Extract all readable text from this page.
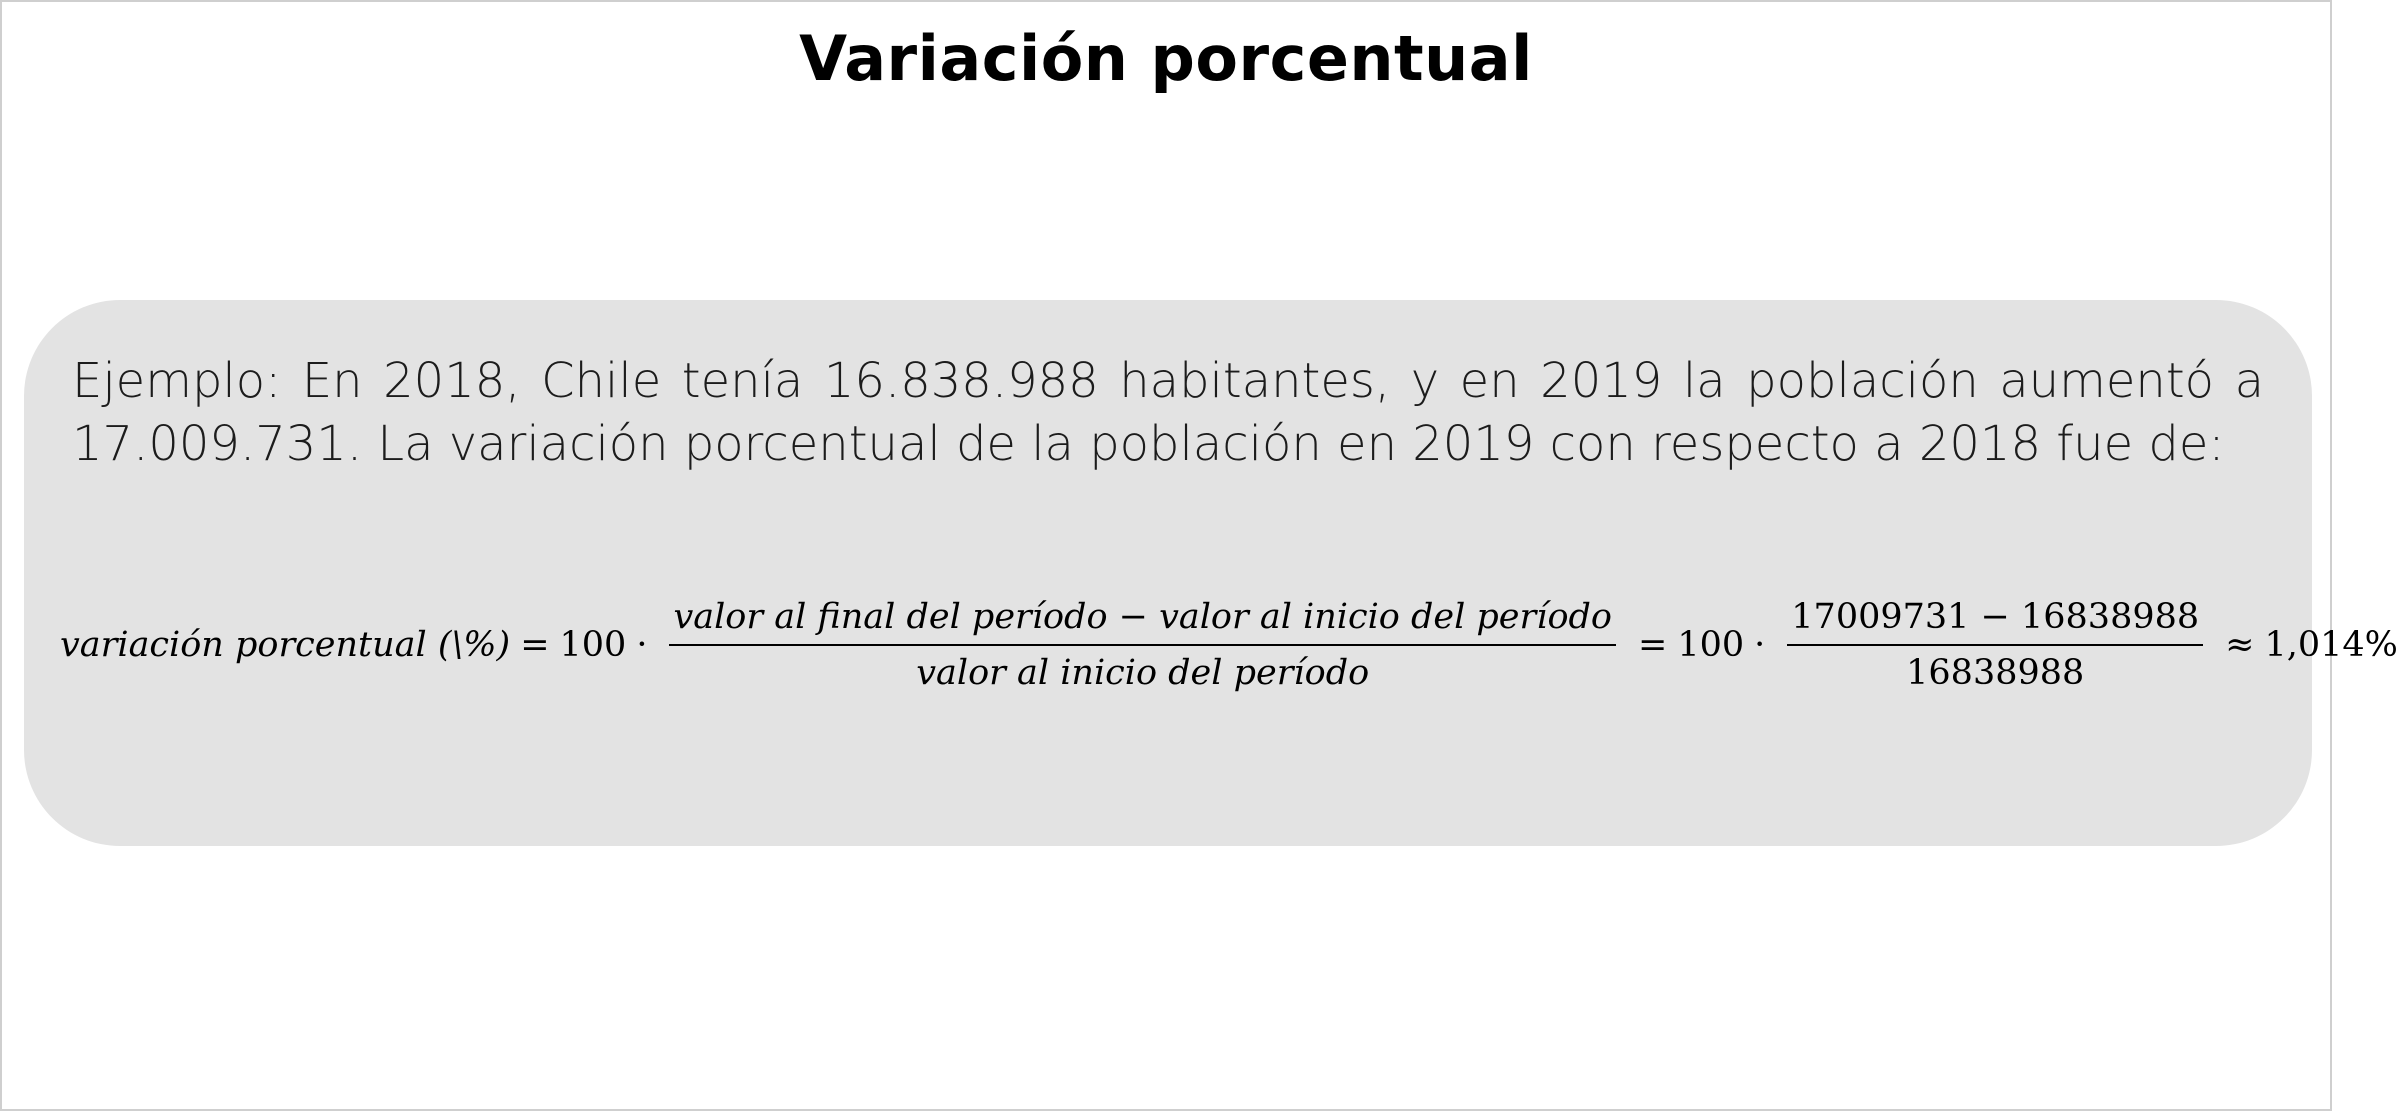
Variación porcentual
Ejemplo: En 2018, Chile tenía 16.838.988 habitantes, y en 2019 la población aumentó a 17.009.731. La variación porcentual de la población en 2019 con respecto a 2018 fue de:
variación porcentual (\%) = $100 \cdot \frac{\text{valor al final del período − valor al inicio del período}}{\text{valor al inicio del período}} = 100 \cdot \frac{17009731 - 16838988}{16838988} \approx 1,014\%$
